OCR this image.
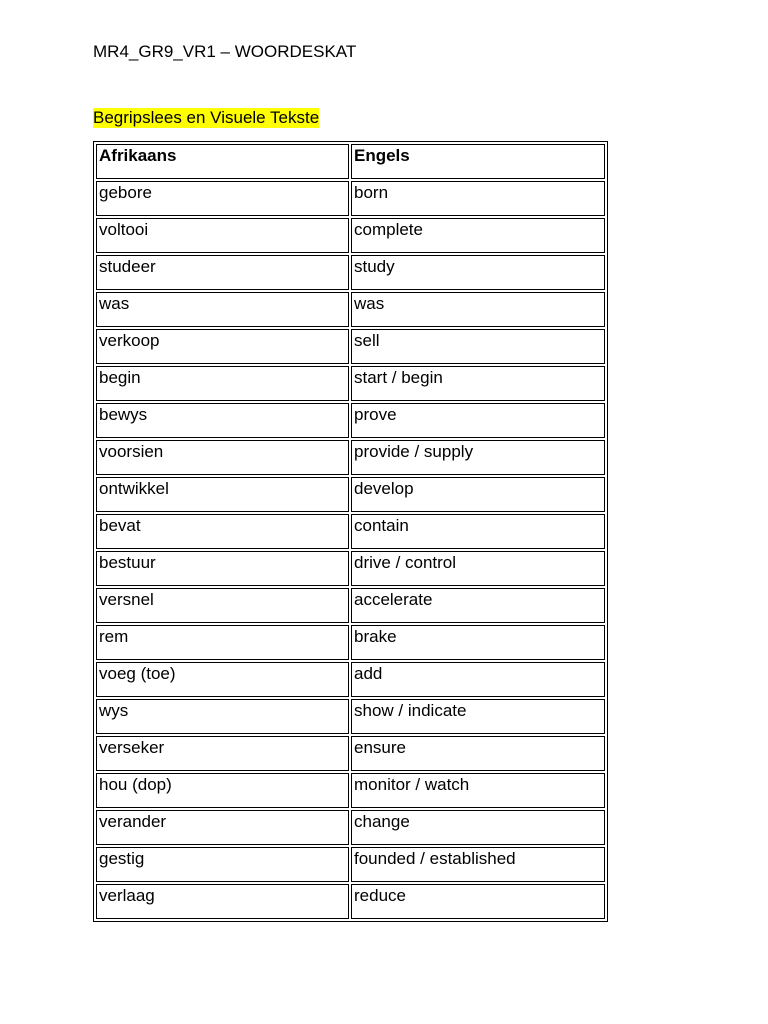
MR4_GR9_VR1 – WOORDESKAT
Begripslees en Visuele Tekste
Afrikaans	Engels
gebore	born
voltooi	complete
studeer	study
was	was
verkoop	sell
begin	start / begin
bewys	prove
voorsien	provide / supply
ontwikkel	develop
bevat	contain
bestuur	drive / control
versnel	accelerate
rem	brake
voeg (toe)	add
wys	show / indicate
verseker	ensure
hou (dop)	monitor / watch
verander	change
gestig	founded / established
verlaag	reduce
